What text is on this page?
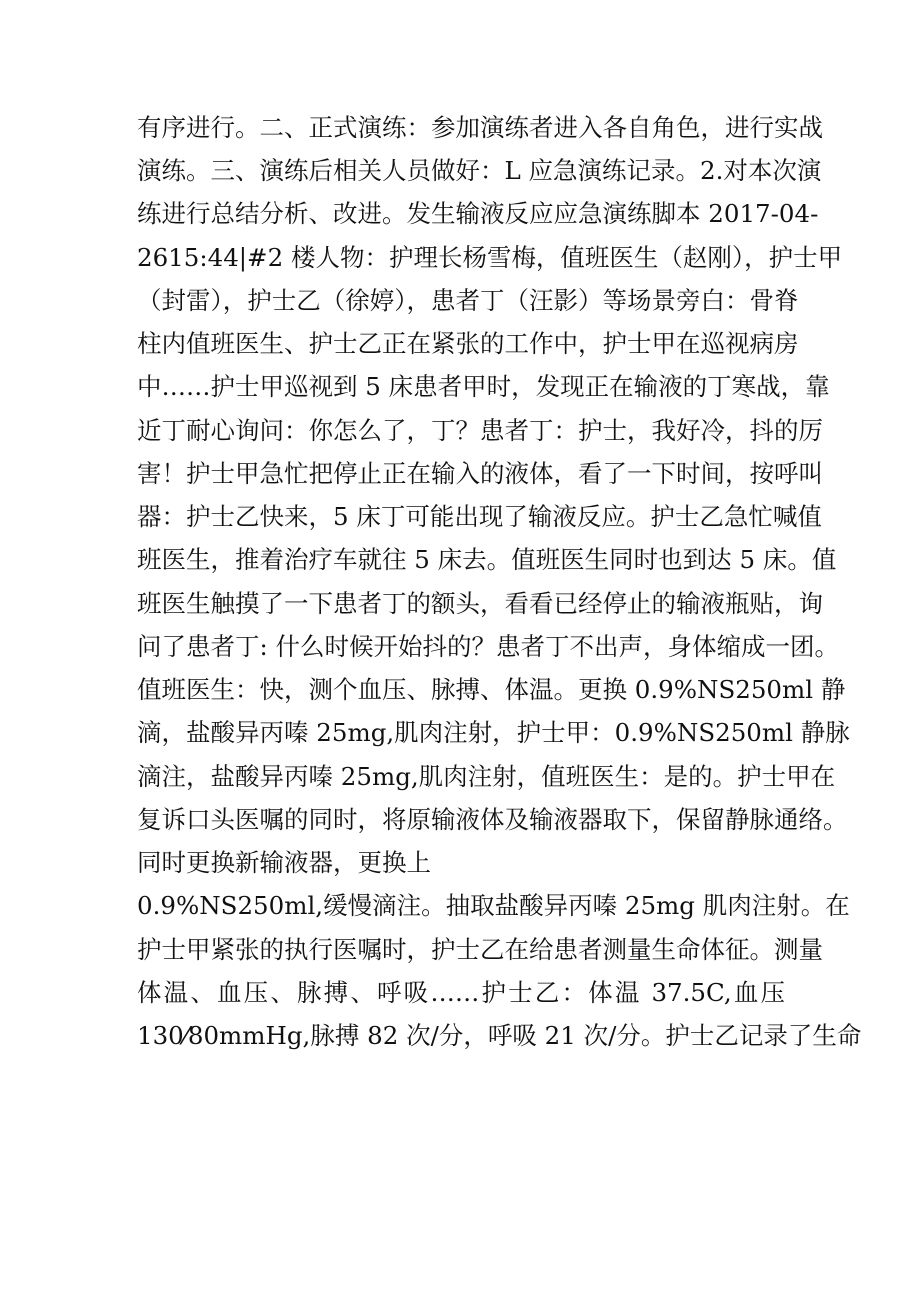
有序进行。二、正式演练：参加演练者进入各自角色，进行实战
演练。三、演练后相关人员做好：L 应急演练记录。2.对本次演
练进行总结分析、改进。发生输液反应应急演练脚本 2017-04-
2615:44|#2 楼人物：护理长杨雪梅，值班医生（赵刚），护士甲
（封雷），护士乙（徐婷），患者丁（汪影）等场景旁白：骨脊
柱内值班医生、护士乙正在紧张的工作中，护士甲在巡视病房
中……护士甲巡视到 5 床患者甲时，发现正在输液的丁寒战，靠
近丁耐心询问：你怎么了，丁？患者丁：护士，我好冷，抖的厉
害！护士甲急忙把停止正在输入的液体，看了一下时间，按呼叫
器：护士乙快来，5 床丁可能出现了输液反应。护士乙急忙喊值
班医生，推着治疗车就往 5 床去。值班医生同时也到达 5 床。值
班医生触摸了一下患者丁的额头，看看已经停止的输液瓶贴，询
问了患者丁: 什么时候开始抖的？患者丁不出声，身体缩成一团。
值班医生：快，测个血压、脉搏、体温。更换 0.9%NS250ml 静
滴，盐酸异丙嗪 25mg,肌肉注射，护士甲：0.9%NS250ml 静脉
滴注，盐酸异丙嗪 25mg,肌肉注射，值班医生：是的。护士甲在
复诉口头医嘱的同时，将原输液体及输液器取下，保留静脉通络。
同时更换新输液器，更换上
0.9%NS250ml,缓慢滴注。抽取盐酸异丙嗪 25mg 肌肉注射。在
护士甲紧张的执行医嘱时，护士乙在给患者测量生命体征。测量
体温、血压、脉搏、呼吸……护士乙：体温 37.5C,血压
130⁄80mmHg,脉搏 82 次/分，呼吸 21 次/分。护士乙记录了生命
